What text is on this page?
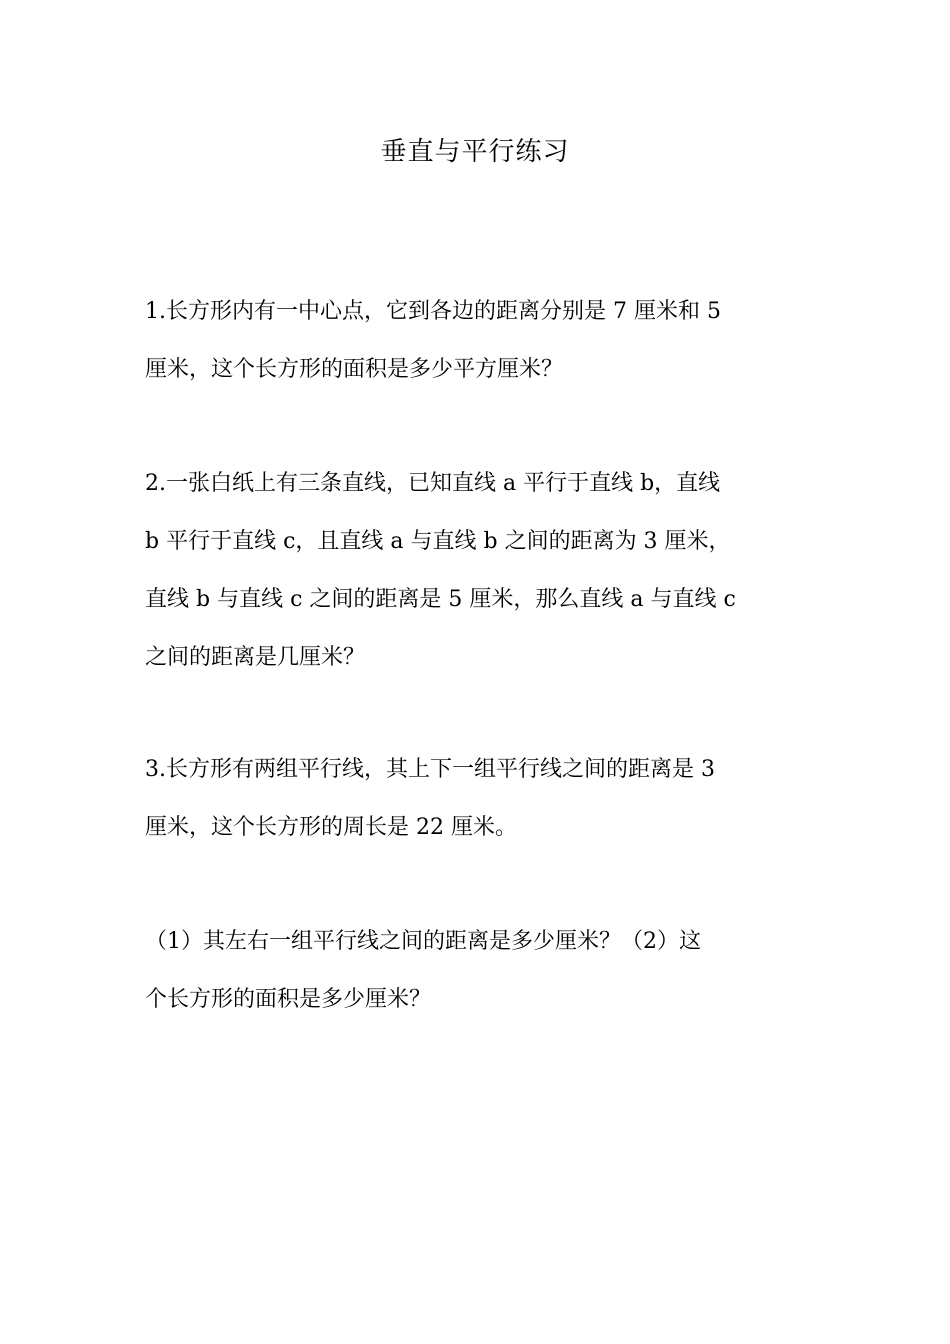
垂直与平行练习
1.长方形内有一中心点，它到各边的距离分别是 7 厘米和 5
厘米，这个长方形的面积是多少平方厘米？
2.一张白纸上有三条直线，已知直线 a 平行于直线 b，直线
b 平行于直线 c，且直线 a 与直线 b 之间的距离为 3 厘米，
直线 b 与直线 c 之间的距离是 5 厘米，那么直线 a 与直线 c
之间的距离是几厘米？
3.长方形有两组平行线，其上下一组平行线之间的距离是 3
厘米，这个长方形的周长是 22 厘米。
（1）其左右一组平行线之间的距离是多少厘米？（2）这
个长方形的面积是多少厘米？
